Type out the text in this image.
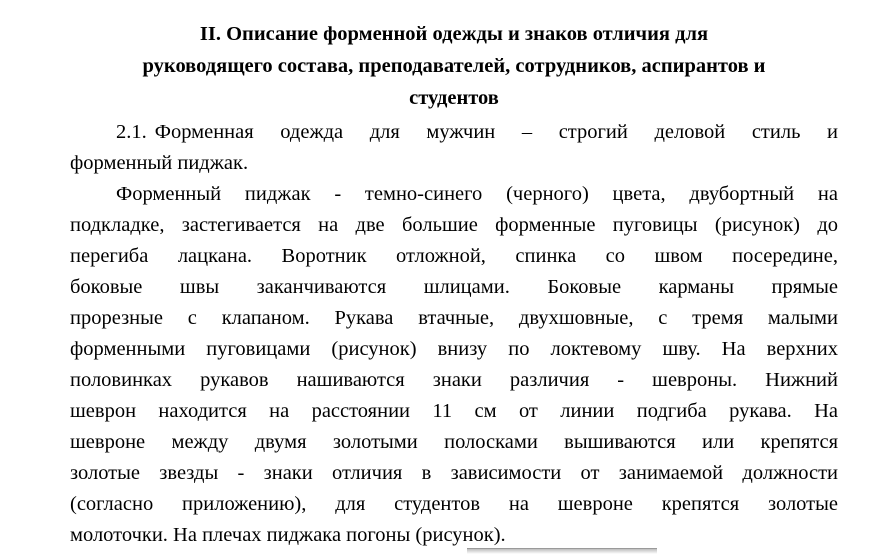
II. Описание форменной одежды и знаков отличия для
руководящего состава, преподавателей, сотрудников, аспирантов и
студентов
2.1. Форменная одежда для мужчин – строгий деловой стиль и
форменный пиджак.
Форменный пиджак - темно-синего (черного) цвета, двубортный на
подкладке, застегивается на две большие форменные пуговицы (рисунок) до
перегиба лацкана. Воротник отложной, спинка со швом посередине,
боковые швы заканчиваются шлицами. Боковые карманы прямые
прорезные с клапаном. Рукава втачные, двухшовные, с тремя малыми
форменными пуговицами (рисунок) внизу по локтевому шву. На верхних
половинках рукавов нашиваются знаки различия - шевроны. Нижний
шеврон находится на расстоянии 11 см от линии подгиба рукава. На
шевроне между двумя золотыми полосками вышиваются или крепятся
золотые звезды - знаки отличия в зависимости от занимаемой должности
(согласно приложению), для студентов на шевроне крепятся золотые
молоточки. На плечах пиджака погоны (рисунок).
